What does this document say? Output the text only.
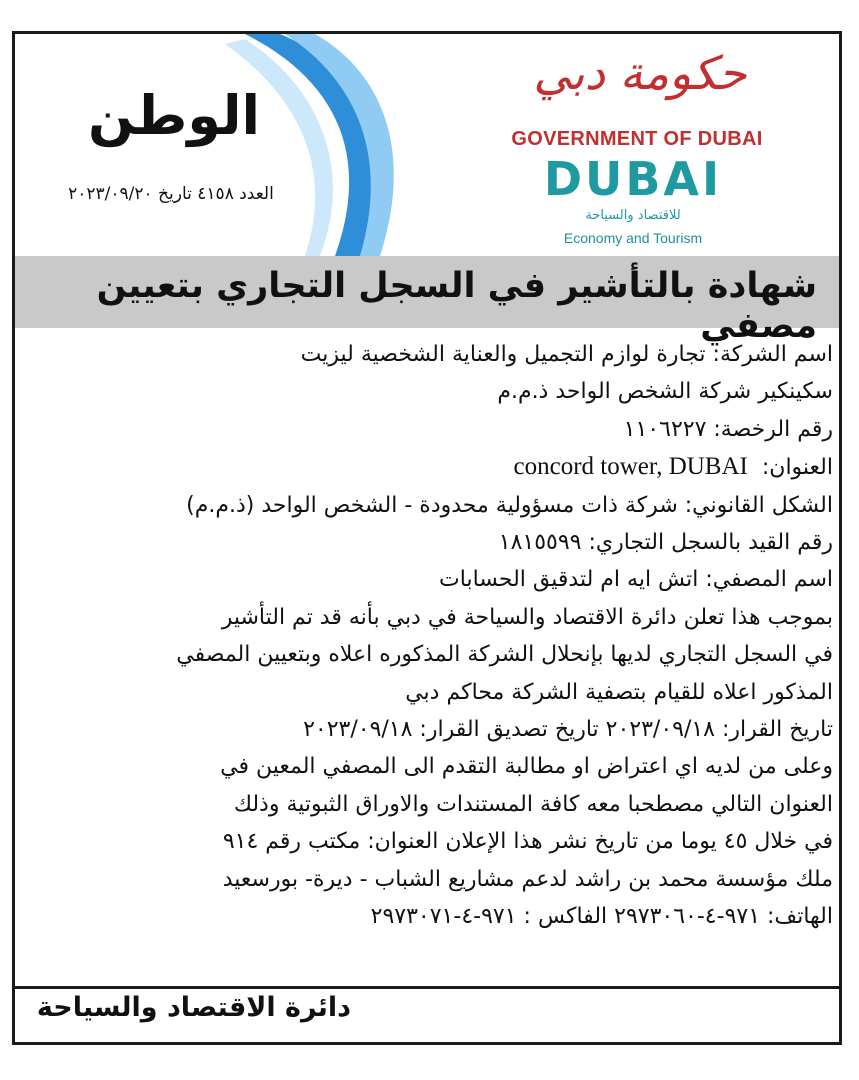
الوطن
العدد ٤١٥٨ تاريخ ٢٠٢٣/٠٩/٢٠
حكومة دبي
GOVERNMENT OF DUBAI
DUBAI
للاقتصاد والسياحة
Economy and Tourism
شهادة بالتأشير في السجل التجاري بتعيين مصفي
اسم الشركة: تجارة لوازم التجميل والعناية الشخصية ليزيت
سكينكير شركة الشخص الواحد ذ.م.م
رقم الرخصة: ١١٠٦٢٢٧
العنوان:  concord tower, DUBAI
الشكل القانوني: شركة ذات مسؤولية محدودة - الشخص الواحد (ذ.م.م)
رقم القيد بالسجل التجاري: ١٨١٥٥٩٩
اسم المصفي: اتش ايه ام لتدقيق الحسابات
بموجب هذا تعلن دائرة الاقتصاد والسياحة في دبي بأنه قد تم التأشير
في السجل التجاري لديها بإنحلال الشركة المذكوره اعلاه وبتعيين المصفي
المذكور اعلاه للقيام بتصفية الشركة محاكم دبي
تاريخ القرار: ٢٠٢٣/٠٩/١٨ تاريخ تصديق القرار: ٢٠٢٣/٠٩/١٨
وعلى من لديه اي اعتراض او مطالبة التقدم الى المصفي المعين في
العنوان التالي مصطحبا معه كافة المستندات والاوراق الثبوتية وذلك
في خلال ٤٥ يوما من تاريخ نشر هذا الإعلان العنوان: مكتب رقم ٩١٤
ملك مؤسسة محمد بن راشد لدعم مشاريع الشباب - ديرة- بورسعيد
الهاتف: ٩٧١-٤-٢٩٧٣٠٦٠ الفاكس : ٩٧١-٤-٢٩٧٣٠٧١
دائرة الاقتصاد والسياحة
